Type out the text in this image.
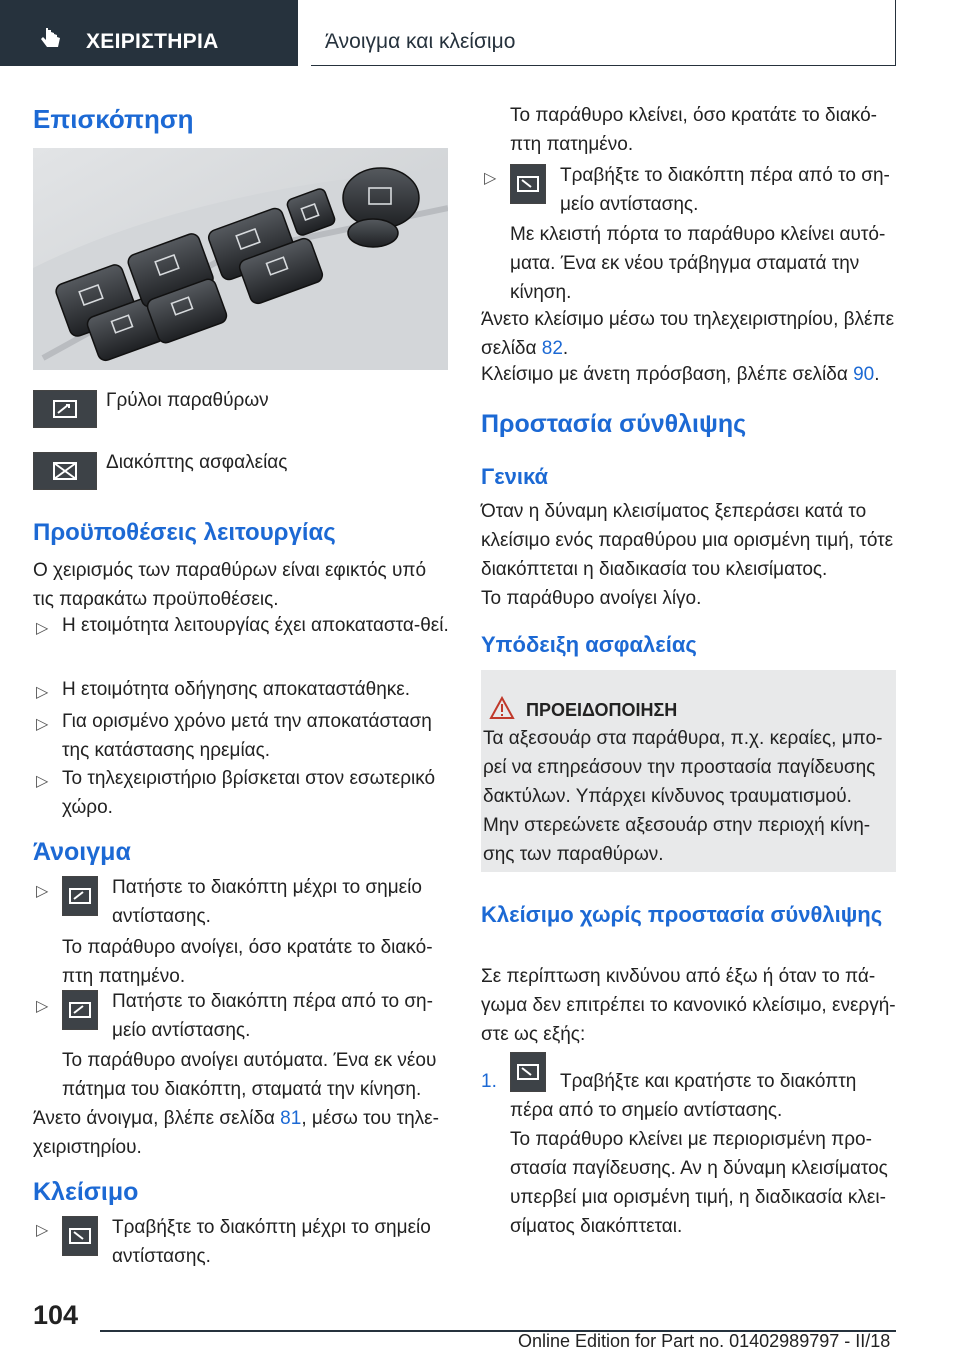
ΧΕΙΡΙΣΤΗΡΙΑ	Άνοιγμα και κλείσιμο
Επισκόπηση
Γρύλοι παραθύρων
Διακόπτης ασφαλείας
Προϋποθέσεις λειτουργίας
Ο χειρισμός των παραθύρων είναι εφικτός υπό τις παρακάτω προϋποθέσεις.
▷ Η ετοιμότητα λειτουργίας έχει αποκαταστα-θεί.
▷ Η ετοιμότητα οδήγησης αποκαταστάθηκε.
▷ Για ορισμένο χρόνο μετά την αποκατάσταση της κατάστασης ηρεμίας.
▷ Το τηλεχειριστήριο βρίσκεται στον εσωτερικό χώρο.
Άνοιγμα
▷	Πατήστε το διακόπτη μέχρι το σημείο αντίστασης.
Το παράθυρο ανοίγει, όσο κρατάτε το διακό-πτη πατημένο.
▷	Πατήστε το διακόπτη πέρα από το ση-μείο αντίστασης.
Το παράθυρο ανοίγει αυτόματα. Ένα εκ νέου πάτημα του διακόπτη, σταματά την κίνηση.
Άνετο άνοιγμα, βλέπε σελίδα 81, μέσω του τηλε-χειριστηρίου.
Κλείσιμο
▷	Τραβήξτε το διακόπτη μέχρι το σημείο αντίστασης.
Το παράθυρο κλείνει, όσο κρατάτε το διακό-πτη πατημένο.
▷	Τραβήξτε το διακόπτη πέρα από το ση-μείο αντίστασης.
Με κλειστή πόρτα το παράθυρο κλείνει αυτό-ματα. Ένα εκ νέου τράβηγμα σταματά την κίνηση.
Άνετο κλείσιμο μέσω του τηλεχειριστηρίου, βλέπε σελίδα 82.
Κλείσιμο με άνετη πρόσβαση, βλέπε σελίδα 90.
Προστασία σύνθλιψης
Γενικά
Όταν η δύναμη κλεισίματος ξεπεράσει κατά το κλείσιμο ενός παραθύρου μια ορισμένη τιμή, τότε διακόπτεται η διαδικασία του κλεισίματος.
Το παράθυρο ανοίγει λίγο.
Υπόδειξη ασφαλείας
ΠΡΟΕΙΔΟΠΟΙΗΣΗ
Τα αξεσουάρ στα παράθυρα, π.χ. κεραίες, μπο-ρεί να επηρεάσουν την προστασία παγίδευσης δακτύλων. Υπάρχει κίνδυνος τραυματισμού. Μην στερεώνετε αξεσουάρ στην περιοχή κίνη-σης των παραθύρων.
Κλείσιμο χωρίς προστασία σύνθλιψης
Σε περίπτωση κινδύνου από έξω ή όταν το πά-γωμα δεν επιτρέπει το κανονικό κλείσιμο, ενεργή-στε ως εξής:
1.	Τραβήξτε και κρατήστε το διακόπτη πέρα από το σημείο αντίστασης.
Το παράθυρο κλείνει με περιορισμένη προ-στασία παγίδευσης. Αν η δύναμη κλεισίματος υπερβεί μια ορισμένη τιμή, η διαδικασία κλει-σίματος διακόπτεται.
104
Online Edition for Part no. 01402989797 - II/18
